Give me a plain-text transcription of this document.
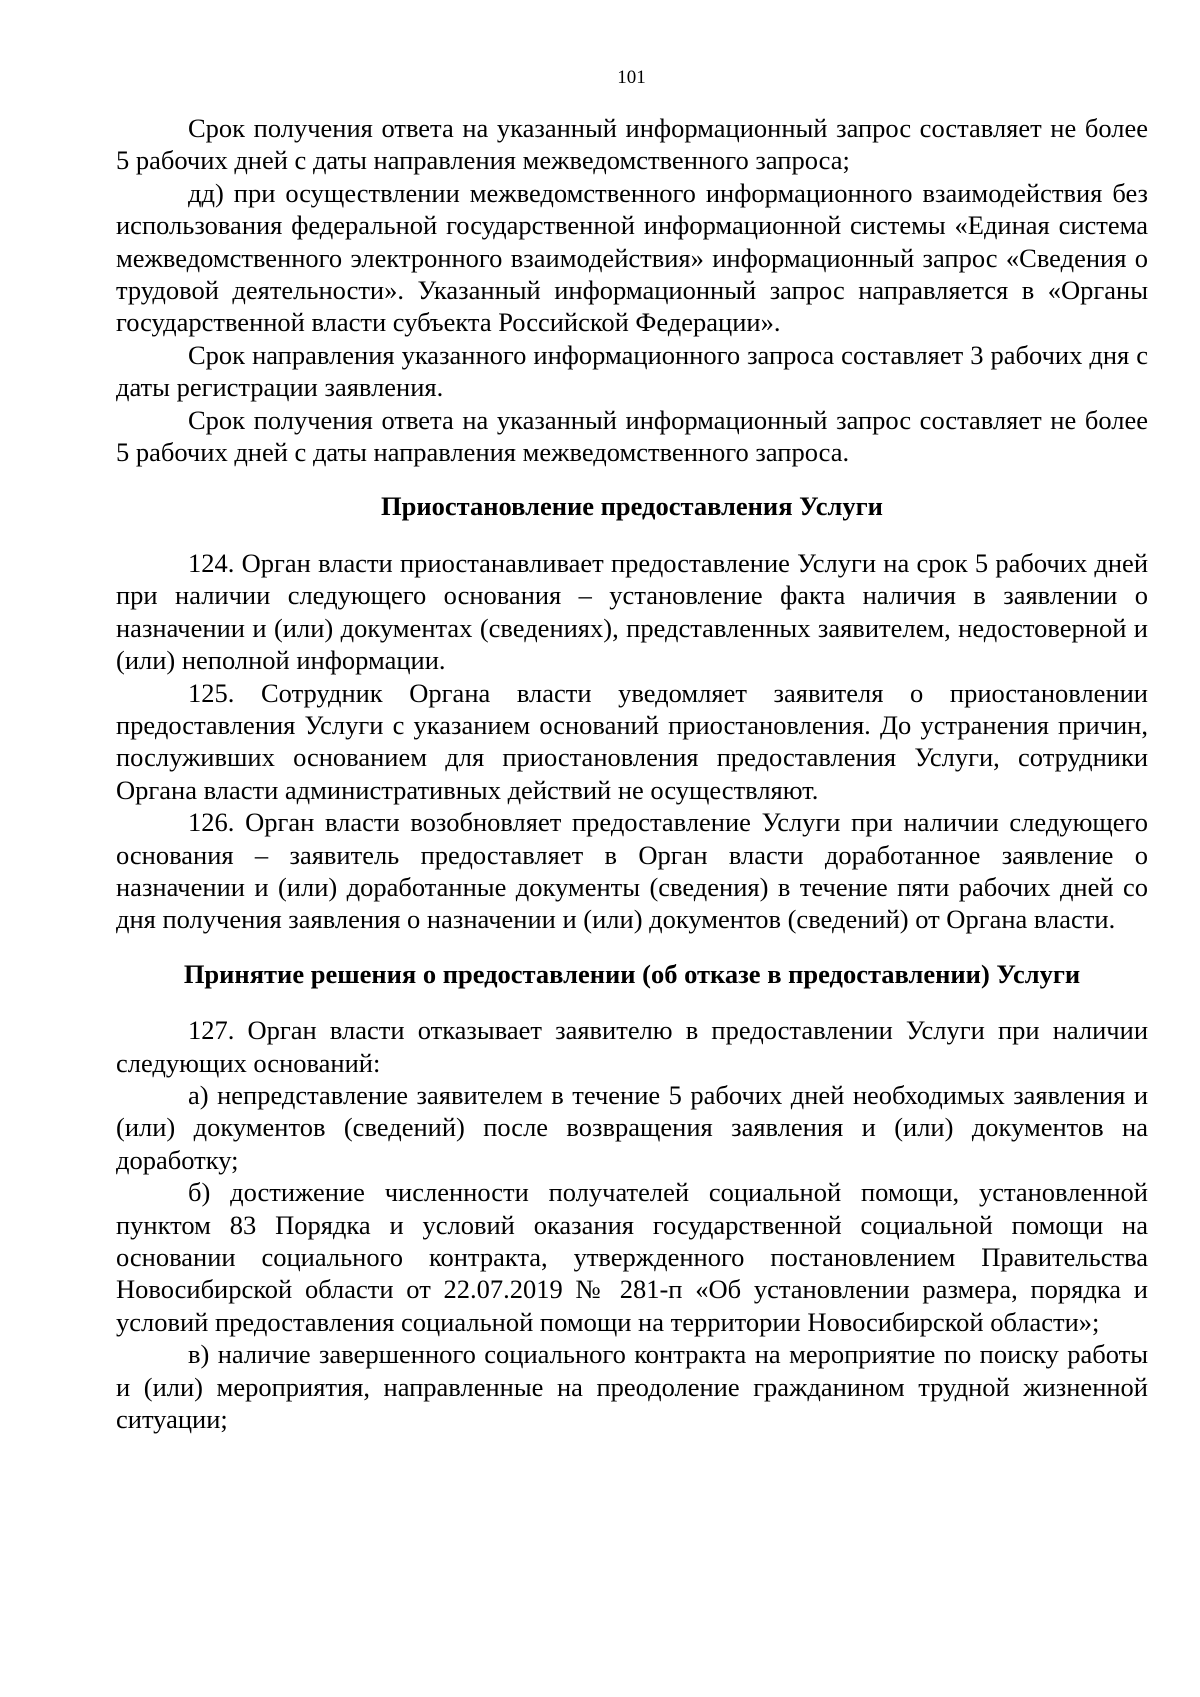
101

Срок получения ответа на указанный информационный запрос составляет не более 5 рабочих дней с даты направления межведомственного запроса;

дд) при осуществлении межведомственного информационного взаимодействия без использования федеральной государственной информационной системы «Единая система межведомственного электронного взаимодействия» информационный запрос «Сведения о трудовой деятельности». Указанный информационный запрос направляется в «Органы государственной власти субъекта Российской Федерации».

Срок направления указанного информационного запроса составляет 3 рабочих дня с даты регистрации заявления.

Срок получения ответа на указанный информационный запрос составляет не более 5 рабочих дней с даты направления межведомственного запроса.

Приостановление предоставления Услуги

124. Орган власти приостанавливает предоставление Услуги на срок 5 рабочих дней при наличии следующего основания – установление факта наличия в заявлении о назначении и (или) документах (сведениях), представленных заявителем, недостоверной и (или) неполной информации.

125. Сотрудник Органа власти уведомляет заявителя о приостановлении предоставления Услуги с указанием оснований приостановления. До устранения причин, послуживших основанием для приостановления предоставления Услуги, сотрудники Органа власти административных действий не осуществляют.

126. Орган власти возобновляет предоставление Услуги при наличии следующего основания – заявитель предоставляет в Орган власти доработанное заявление о назначении и (или) доработанные документы (сведения) в течение пяти рабочих дней со дня получения заявления о назначении и (или) документов (сведений) от Органа власти.

Принятие решения о предоставлении (об отказе в предоставлении) Услуги

127. Орган власти отказывает заявителю в предоставлении Услуги при наличии следующих оснований:

а) непредставление заявителем в течение 5 рабочих дней необходимых заявления и (или) документов (сведений) после возвращения заявления и (или) документов на доработку;

б) достижение численности получателей социальной помощи, установленной пунктом 83 Порядка и условий оказания государственной социальной помощи на основании социального контракта, утвержденного постановлением Правительства Новосибирской области от 22.07.2019 № 281-п «Об установлении размера, порядка и условий предоставления социальной помощи на территории Новосибирской области»;

в) наличие завершенного социального контракта на мероприятие по поиску работы и (или) мероприятия, направленные на преодоление гражданином трудной жизненной ситуации;
